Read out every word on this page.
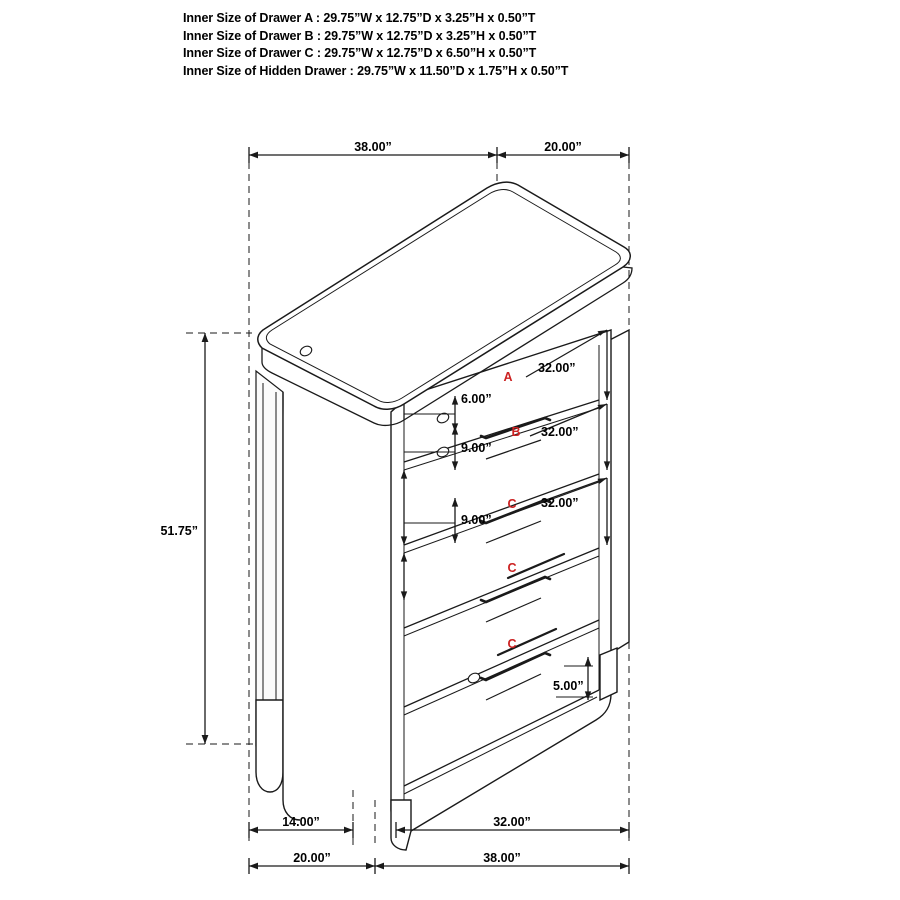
Inner Size of Drawer A : 29.75”W x 12.75”D x 3.25”H x 0.50”T
Inner Size of Drawer B : 29.75”W x 12.75”D x 3.25”H x 0.50”T
Inner Size of Drawer C : 29.75”W x 12.75”D x 6.50”H x 0.50”T
Inner Size of Hidden Drawer : 29.75”W x 11.50”D x 1.75”H x 0.50”T
38.00”	20.00”
51.75”
32.00”
A
6.00”
32.00”
B
9.00”
32.00”
C
9.00”
C
C
5.00”
14.00”	32.00”
20.00”	38.00”
